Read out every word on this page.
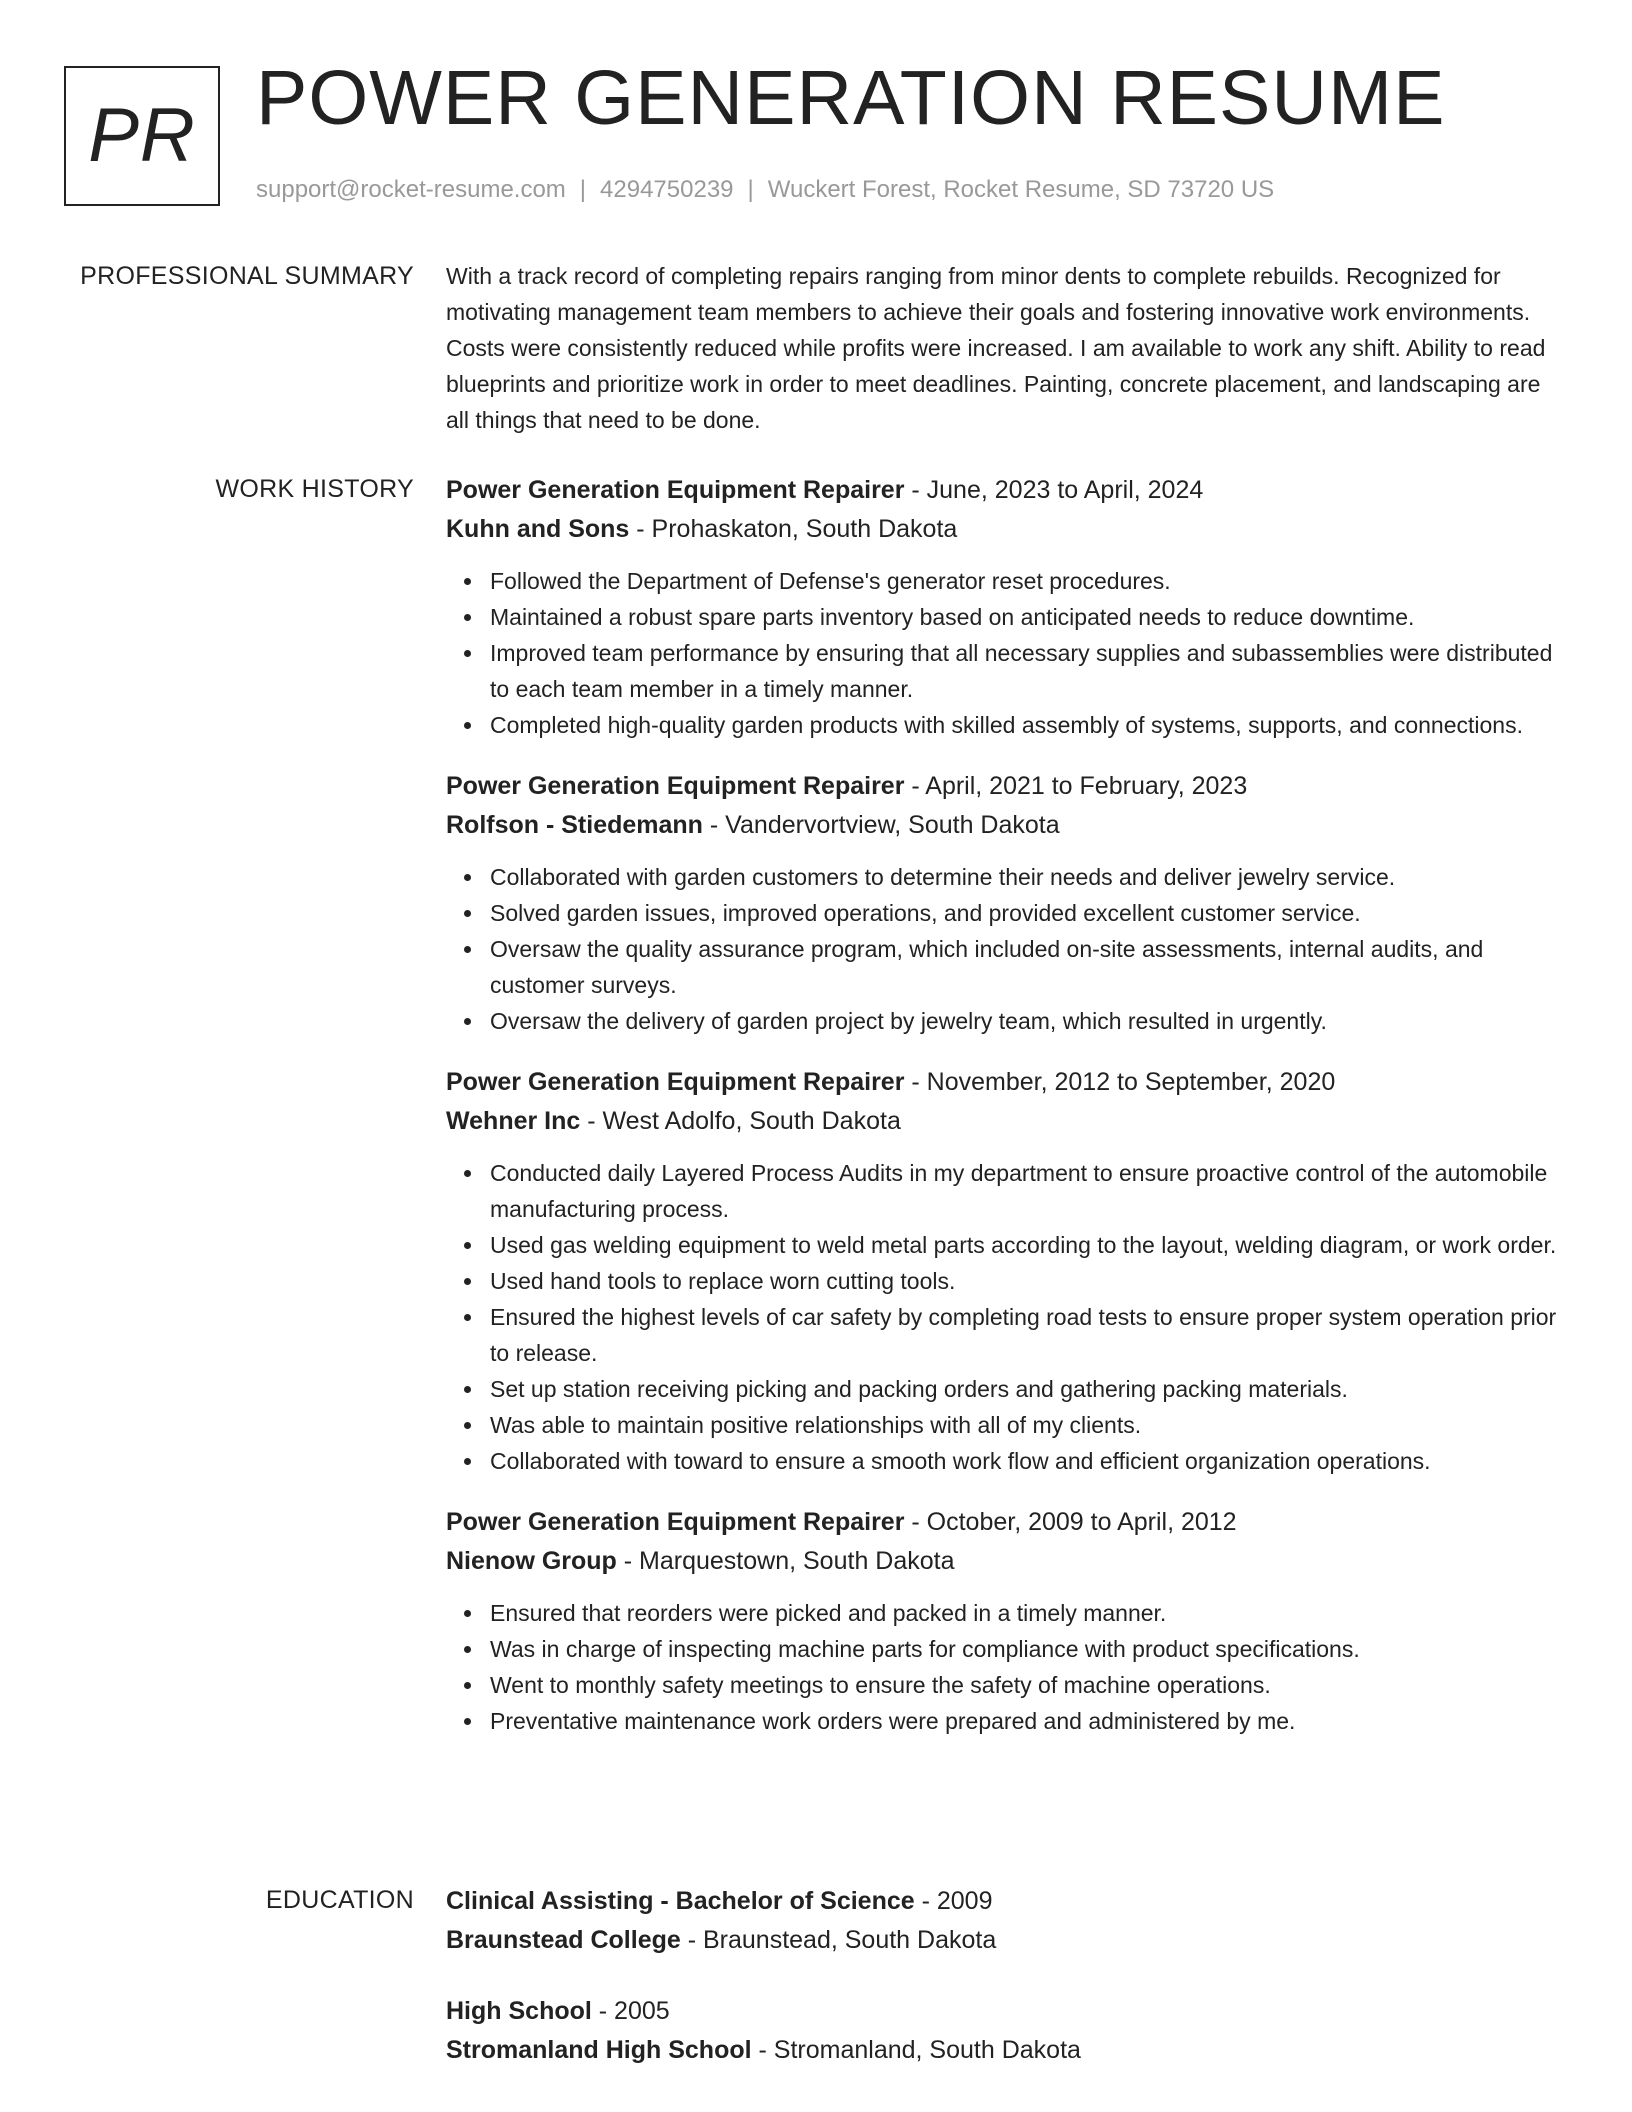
PR POWER GENERATION RESUME
support@rocket-resume.com | 4294750239 | Wuckert Forest, Rocket Resume, SD 73720 US
PROFESSIONAL SUMMARY With a track record of completing repairs ranging from minor dents to complete rebuilds. Recognized for motivating management team members to achieve their goals and fostering innovative work environments. Costs were consistently reduced while profits were increased. I am available to work any shift. Ability to read blueprints and prioritize work in order to meet deadlines. Painting, concrete placement, and landscaping are all things that need to be done.

WORK HISTORY Power Generation Equipment Repairer - June, 2023 to April, 2024
Kuhn and Sons - Prohaskaton, South Dakota
Followed the Department of Defense's generator reset procedures.
Maintained a robust spare parts inventory based on anticipated needs to reduce downtime.
Improved team performance by ensuring that all necessary supplies and subassemblies were distributed to each team member in a timely manner.
Completed high-quality garden products with skilled assembly of systems, supports, and connections.
Power Generation Equipment Repairer - April, 2021 to February, 2023
Rolfson - Stiedemann - Vandervortview, South Dakota
Collaborated with garden customers to determine their needs and deliver jewelry service.
Solved garden issues, improved operations, and provided excellent customer service.
Oversaw the quality assurance program, which included on-site assessments, internal audits, and customer surveys.
Oversaw the delivery of garden project by jewelry team, which resulted in urgently.
Power Generation Equipment Repairer - November, 2012 to September, 2020
Wehner Inc - West Adolfo, South Dakota
Conducted daily Layered Process Audits in my department to ensure proactive control of the automobile manufacturing process.
Used gas welding equipment to weld metal parts according to the layout, welding diagram, or work order.
Used hand tools to replace worn cutting tools.
Ensured the highest levels of car safety by completing road tests to ensure proper system operation prior to release.
Set up station receiving picking and packing orders and gathering packing materials.
Was able to maintain positive relationships with all of my clients.
Collaborated with toward to ensure a smooth work flow and efficient organization operations.
Power Generation Equipment Repairer - October, 2009 to April, 2012
Nienow Group - Marquestown, South Dakota
Ensured that reorders were picked and packed in a timely manner.
Was in charge of inspecting machine parts for compliance with product specifications.
Went to monthly safety meetings to ensure the safety of machine operations.
Preventative maintenance work orders were prepared and administered by me.
EDUCATION Clinical Assisting - Bachelor of Science - 2009
Braunstead College - Braunstead, South Dakota
High School - 2005
Stromanland High School - Stromanland, South Dakota
